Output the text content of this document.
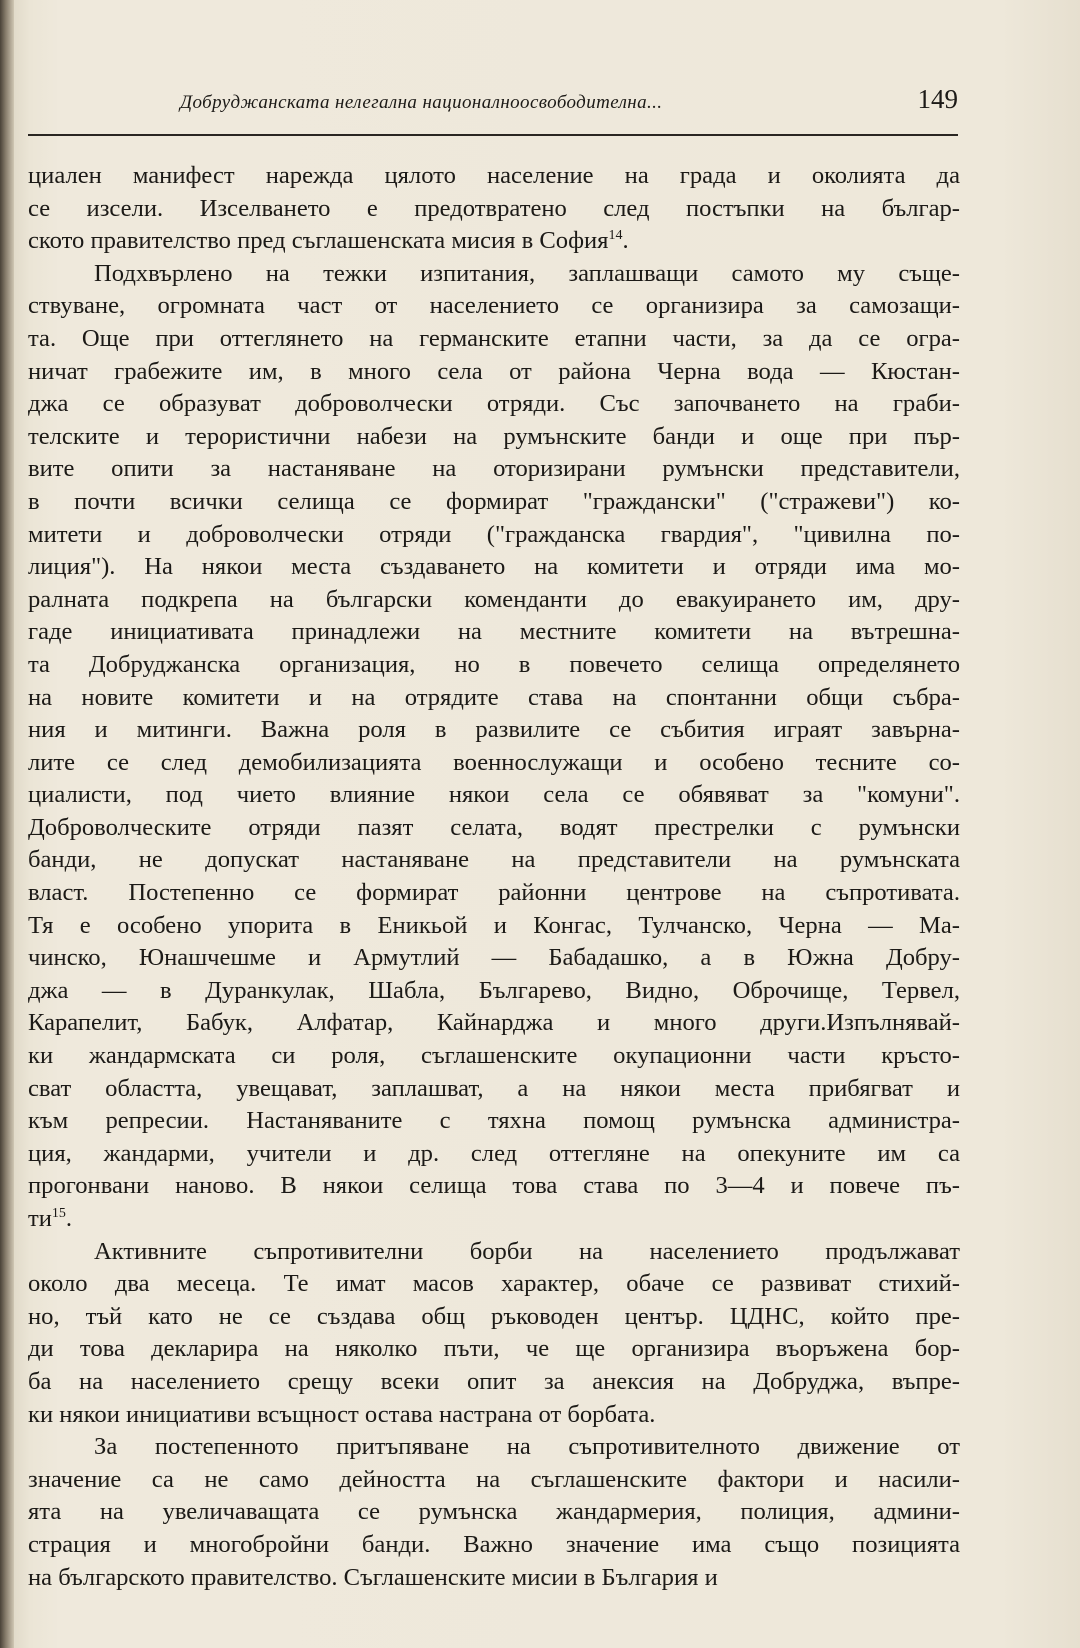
Добруджанската нелегална националноосвободителна...	149

циален манифест нарежда цялото население на града и околията да
се изсели. Изселването е предотвратено след постъпки на българ-
ското правителство пред съглашенската мисия в София$^{14}$.

Подхвърлено на тежки изпитания, заплашващи самото му съще-
ствуване, огромната част от населението се организира за самозащи-
та. Още при оттеглянето на германските етапни части, за да се огра-
ничат грабежите им, в много села от района Черна вода — Кюстан-
джа се образуват доброволчески отряди. Със започването на граби-
телските и терористични набези на румънските банди и още при пър-
вите опити за настаняване на оторизирани румънски представители,
в почти всички селища се формират "граждански" ("стражеви") ко-
митети и доброволчески отряди ("гражданска гвардия", "цивилна по-
лиция"). На някои места създаването на комитети и отряди има мо-
ралната подкрепа на български коменданти до евакуирането им, дру-
гаде инициативата принадлежи на местните комитети на вътрешна-
та Добруджанска организация, но в повечето селища определянето
на новите комитети и на отрядите става на спонтанни общи събра-
ния и митинги. Важна роля в развилите се събития играят завърна-
лите се след демобилизацията военнослужащи и особено тесните со-
циалисти, под чието влияние някои села се обявяват за "комуни".
Доброволческите отряди пазят селата, водят престрелки с румънски
банди, не допускат настаняване на представители на румънската
власт. Постепенно се формират районни центрове на съпротивата.
Тя е особено упорита в Еникьой и Конгас, Тулчанско, Черна — Ма-
чинско, Юнашчешме и Армутлий — Бабадашко, а в Южна Добру-
джа — в Дуранкулак, Шабла, Българево, Видно, Оброчище, Тервел,
Карапелит, Бабук, Алфатар, Кайнарджа и много други.Изпълнявай-
ки жандармската си роля, съглашенските окупационни части кръсто-
сват областта, увещават, заплашват, а на някои места прибягват и
към репресии. Настаняваните с тяхна помощ румънска администра-
ция, жандарми, учители и др. след оттегляне на опекуните им са
прогонвани наново. В някои селища това става по 3—4 и повече пъ-
$ти^{15}$.

Активните съпротивителни борби на населението продължават
около два месеца. Те имат масов характер, обаче се развиват стихий-
но, тъй като не се създава общ ръководен център. ЦДНС, който пре-
ди това декларира на няколко пъти, че ще организира въоръжена бор-
ба на населението срещу всеки опит за анексия на Добруджа, въпре-
ки някои инициативи всъщност остава настрана от борбата.

За постепенното притъпяване на съпротивителното движение от
значение са не само дейността на съглашенските фактори и насили-
ята на увеличаващата се румънска жандармерия, полиция, админи-
страция и многобройни банди. Важно значение има също позицията
на българското правителство. Съглашенските мисии в България и
